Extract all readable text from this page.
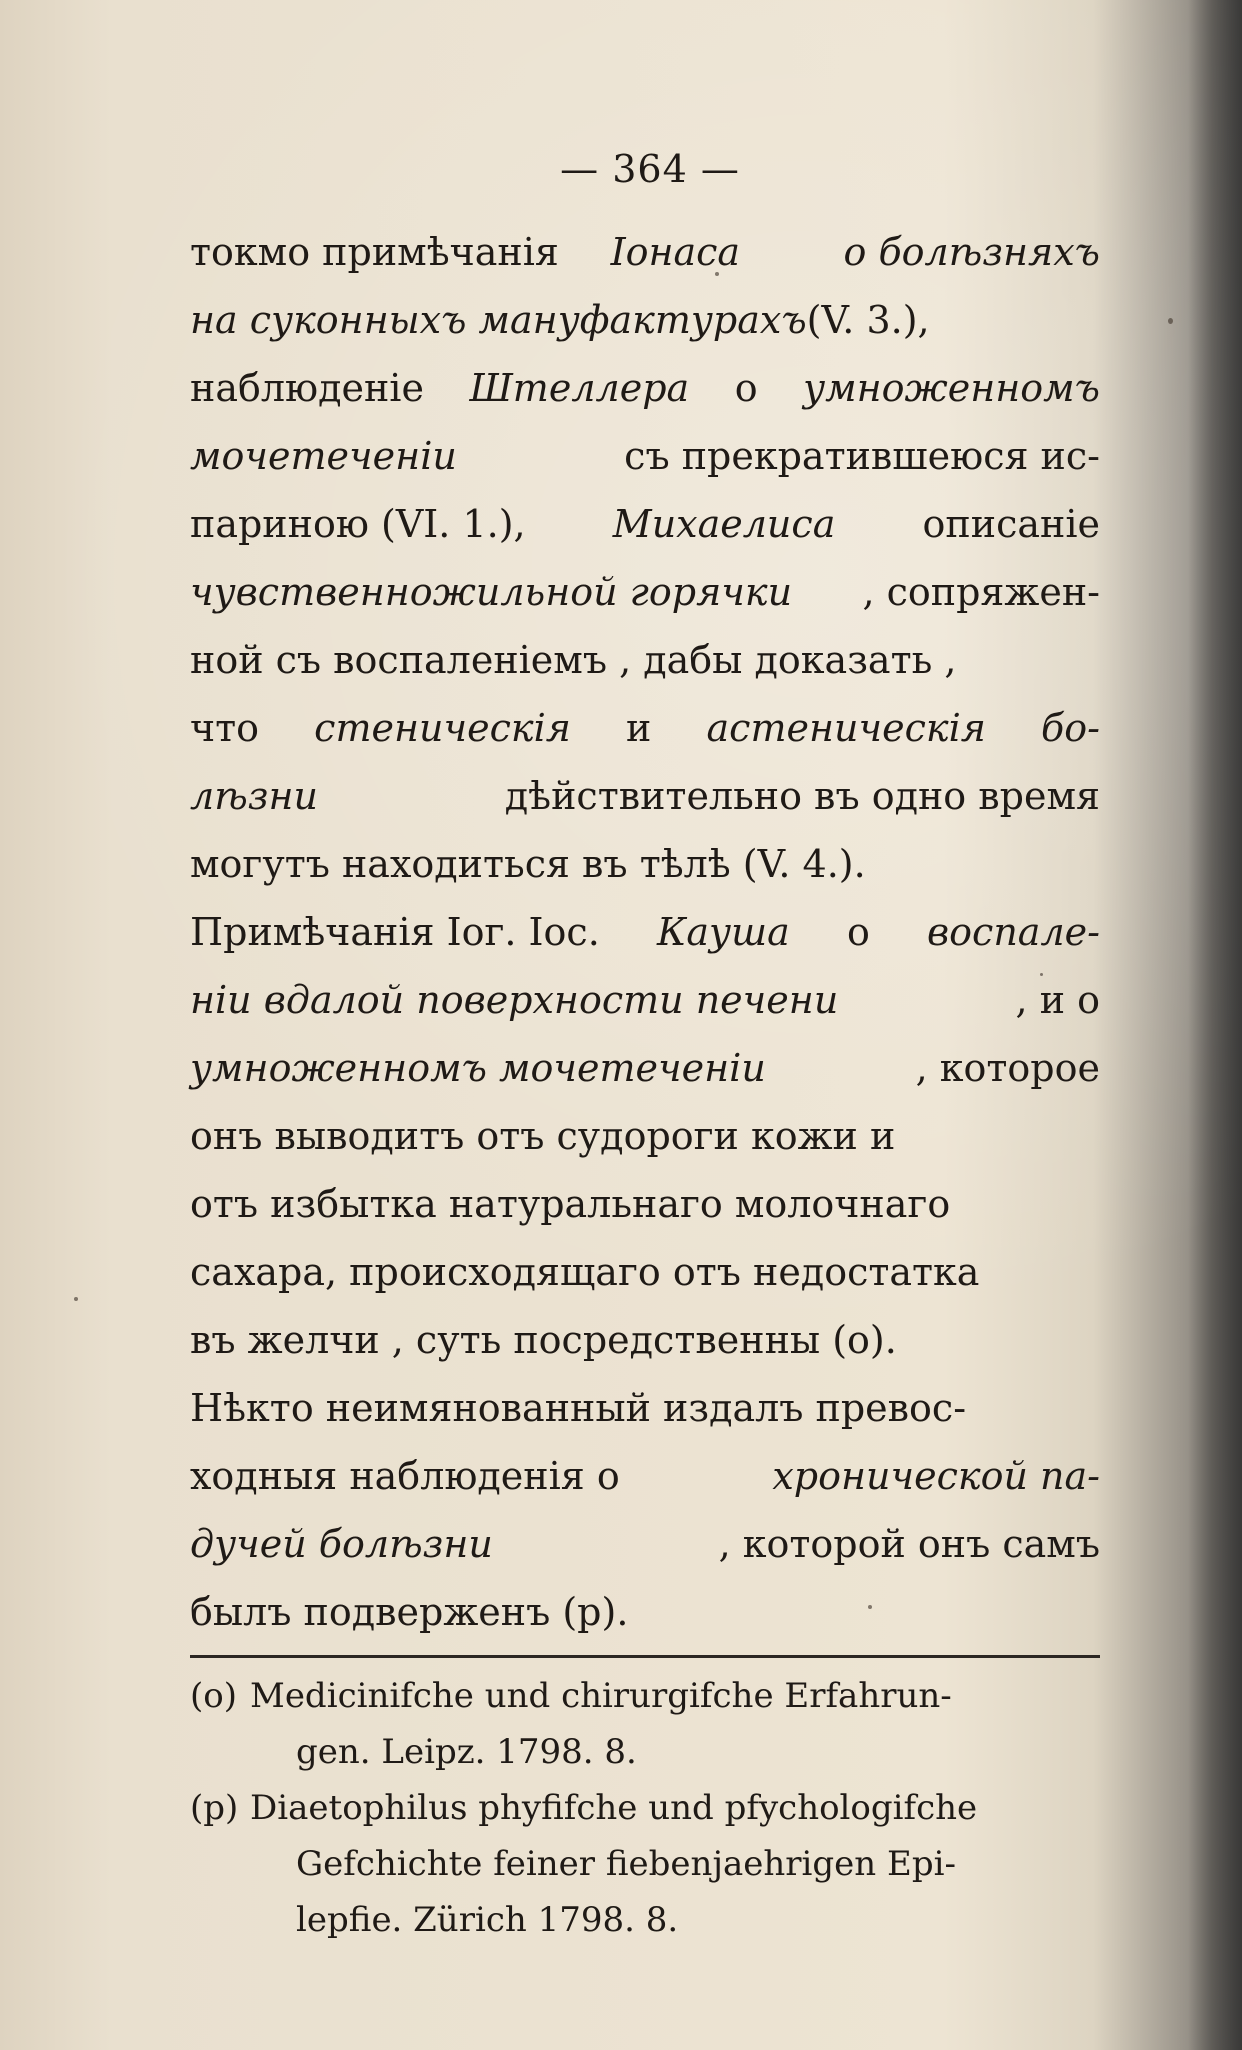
— 364 —
токмо примѣчанія Іонаса	о болѣзняхъ
на суконныхъ мануфактурахъ(V. 3.),
наблюденіе Штеллера о умноженномъ
мочетеченіи	съ прекратившеюся ис-
париною (VI. 1.), Михаелиса описаніе
чувственножильной горячки , сопряжен-
ной съ воспаленіемъ , дабы доказать ,
что стеническія и астеническія бо-
лѣзни	дѣйствительно въ одно время
могутъ находиться въ тѣлѣ (V. 4.).
Примѣчанія Іог. Іос. Кауша о воспале-
ніи вдалой поверхности печени	, и о
умноженномъ мочетеченіи	, которое
онъ выводитъ отъ судороги кожи и
отъ избытка натуральнаго молочнаго
сахара, происходящаго отъ недостатка
въ желчи , суть посредственны (o).
Нѣкто неимянованный издалъ превос-
ходныя наблюденія о	хронической па-
дучей болѣзни	, которой онъ самъ
былъ подверженъ (p).
(o) Medicinifche und chirurgifche Erfahrun-
gen. Leipz. 1798. 8.
(p) Diaetophilus phyfifche und pfychologifche
Gefchichte feiner fiebenjaehrigen Epi-
lepfie. Zürich 1798. 8.
